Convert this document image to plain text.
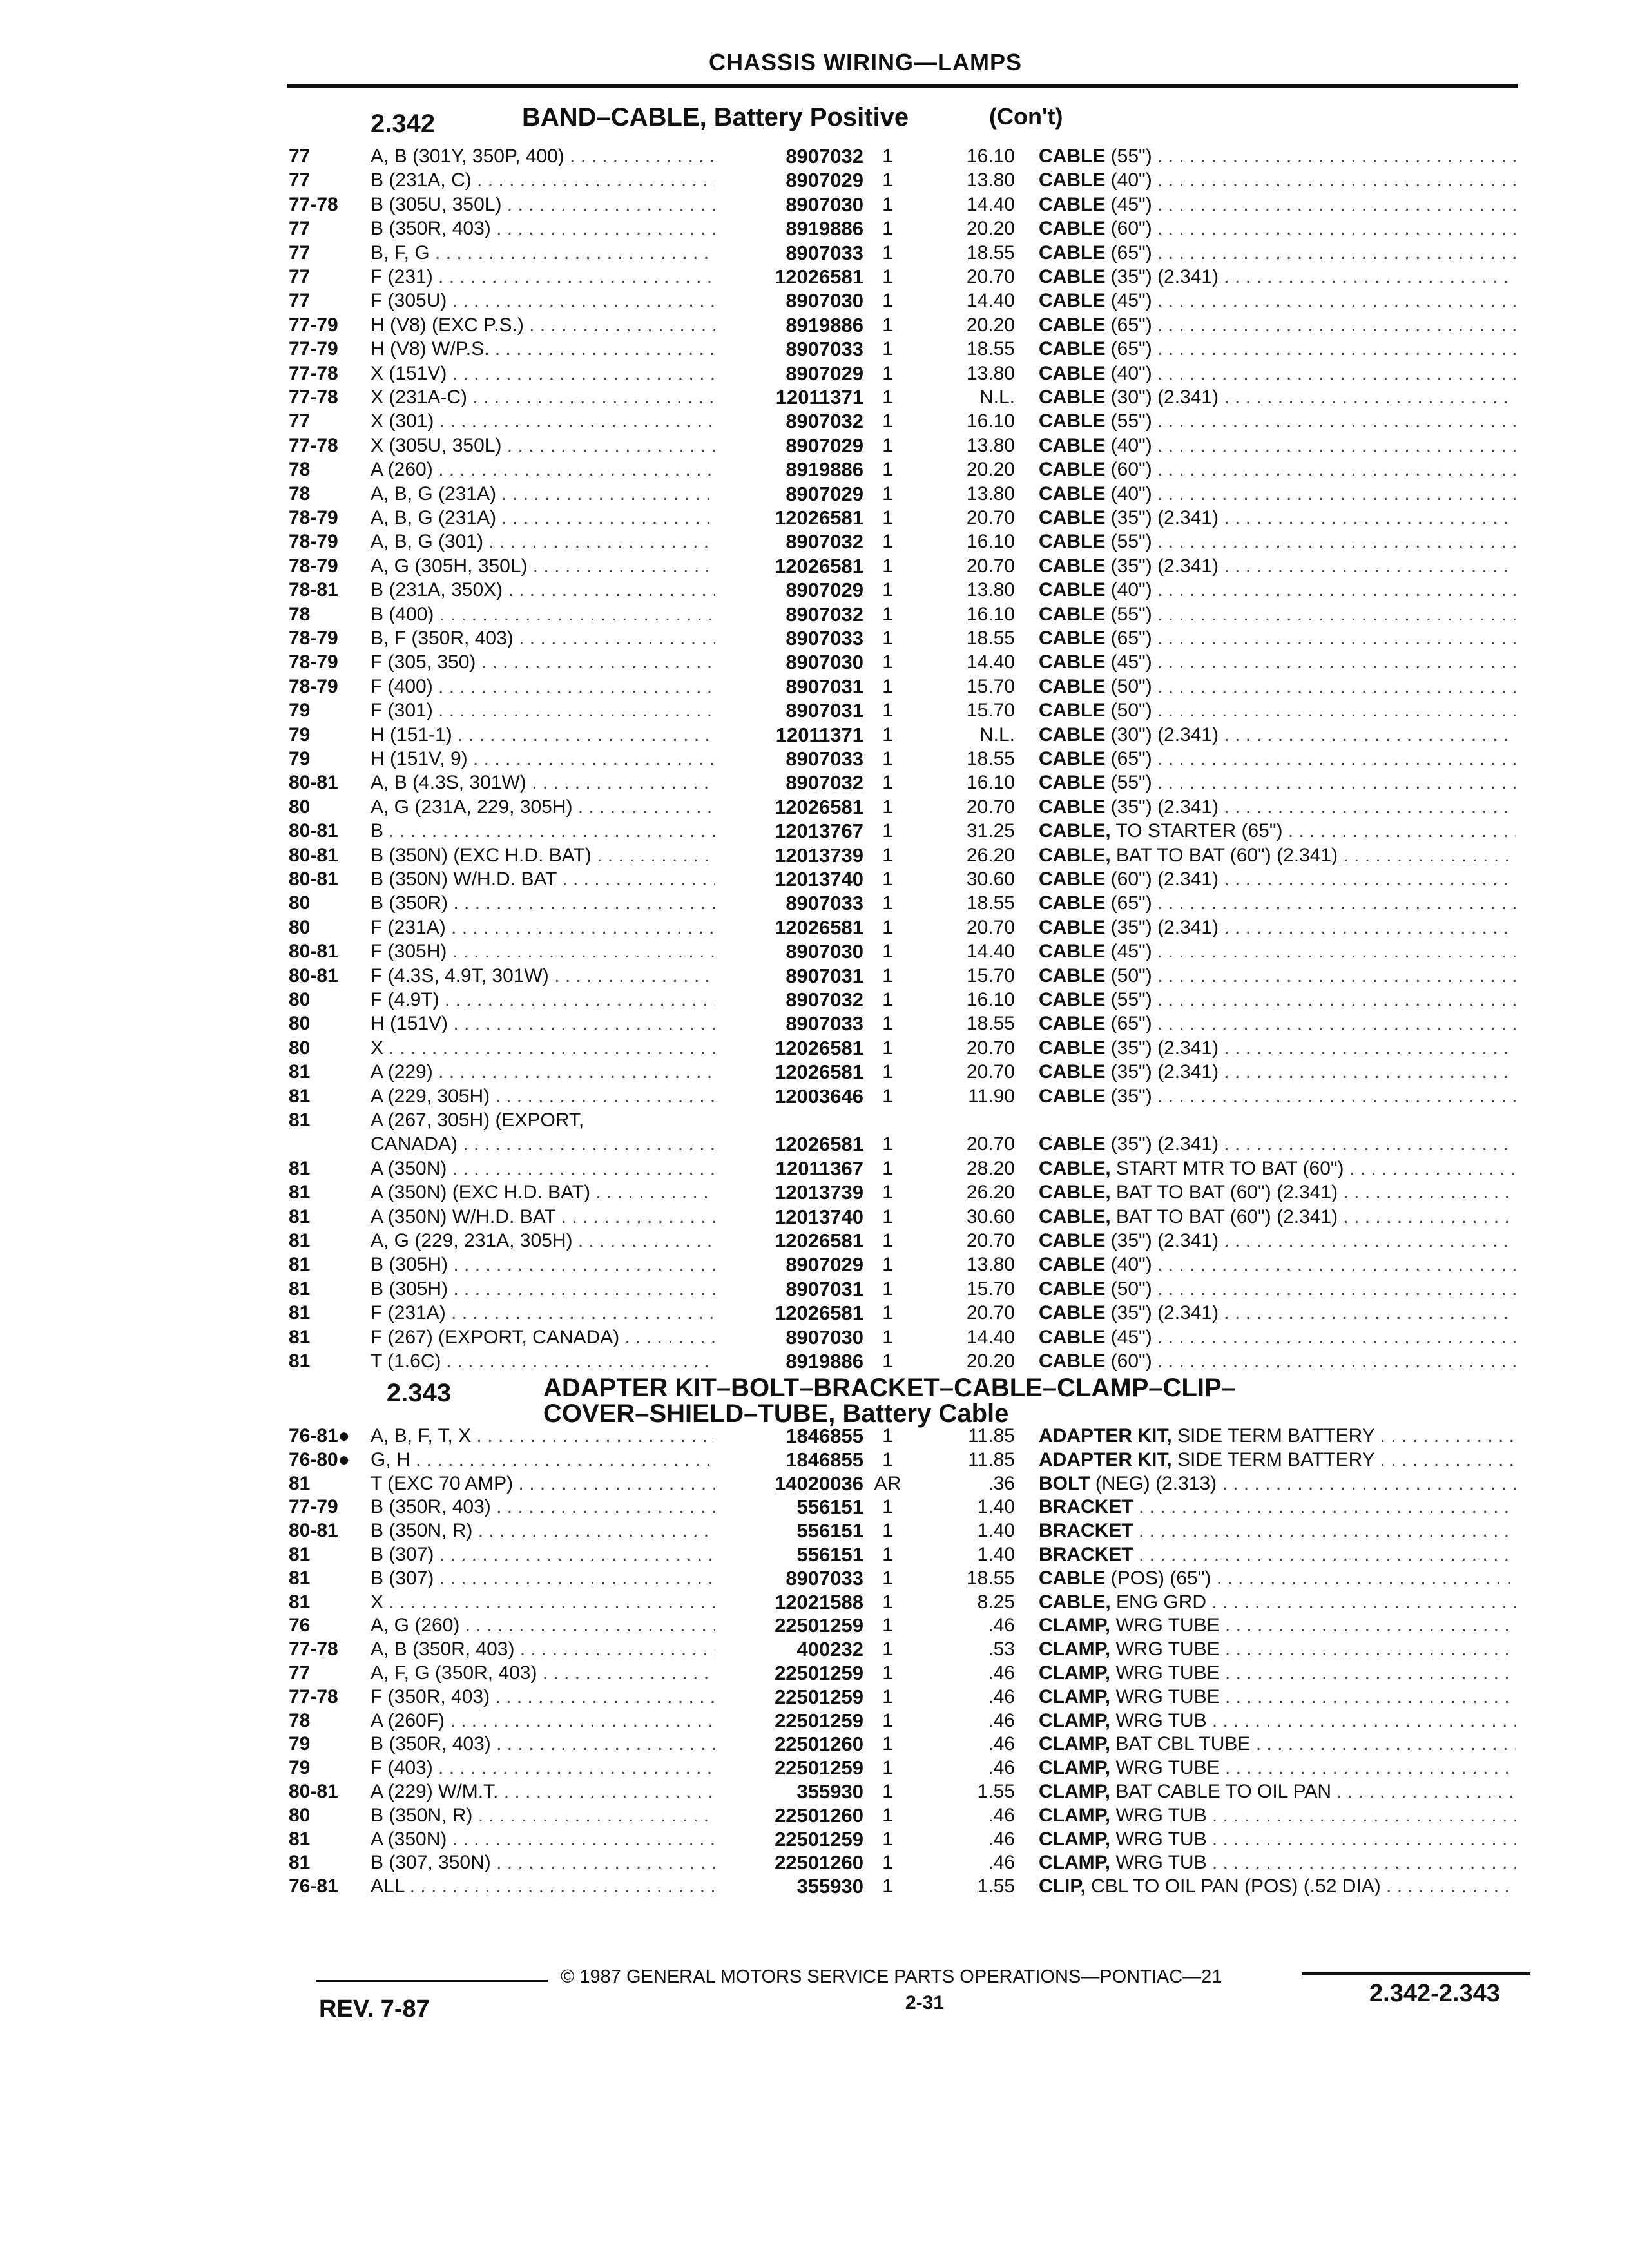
CHASSIS WIRING—LAMPS
2.342	BAND–CABLE, Battery Positive	(Con't)
77	A, B (301Y, 350P, 400) . . .	8907032 1	16.10 CABLE (55") . . .
77	B (231A, C) . . .	8907029 1	13.80 CABLE (40") . . .
77-78	B (305U, 350L) . . .	8907030 1	14.40 CABLE (45") . . .
77	B (350R, 403) . . .	8919886 1	20.20 CABLE (60") . . .
77	B, F, G . . .	8907033 1	18.55 CABLE (65") . . .
77	F (231) . . .	12026581 1	20.70 CABLE (35") (2.341) . . .
77	F (305U) . . .	8907030 1	14.40 CABLE (45") . . .
77-79	H (V8) (EXC P.S.) . . .	8919886 1	20.20 CABLE (65") . . .
77-79	H (V8) W/P.S. . . .	8907033 1	18.55 CABLE (65") . . .
77-78	X (151V) . . .	8907029 1	13.80 CABLE (40") . . .
77-78	X (231A-C) . . .	12011371 1	N.L. CABLE (30") (2.341) . . .
77	X (301) . . .	8907032 1	16.10 CABLE (55") . . .
77-78	X (305U, 350L) . . .	8907029 1	13.80 CABLE (40") . . .
78	A (260) . . .	8919886 1	20.20 CABLE (60") . . .
78	A, B, G (231A) . . .	8907029 1	13.80 CABLE (40") . . .
78-79	A, B, G (231A) . . .	12026581 1	20.70 CABLE (35") (2.341) . . .
78-79	A, B, G (301) . . .	8907032 1	16.10 CABLE (55") . . .
78-79	A, G (305H, 350L) . . .	12026581 1	20.70 CABLE (35") (2.341) . . .
78-81	B (231A, 350X) . . .	8907029 1	13.80 CABLE (40") . . .
78	B (400) . . .	8907032 1	16.10 CABLE (55") . . .
78-79	B, F (350R, 403) . . .	8907033 1	18.55 CABLE (65") . . .
78-79	F (305, 350) . . .	8907030 1	14.40 CABLE (45") . . .
78-79	F (400) . . .	8907031 1	15.70 CABLE (50") . . .
79	F (301) . . .	8907031 1	15.70 CABLE (50") . . .
79	H (151-1) . . .	12011371 1	N.L. CABLE (30") (2.341) . . .
79	H (151V, 9) . . .	8907033 1	18.55 CABLE (65") . . .
80-81	A, B (4.3S, 301W) . . .	8907032 1	16.10 CABLE (55") . . .
80	A, G (231A, 229, 305H) . . .	12026581 1	20.70 CABLE (35") (2.341) . . .
80-81	B . . .	12013767 1	31.25 CABLE, TO STARTER (65") . . .
80-81	B (350N) (EXC H.D. BAT) . . .	12013739 1	26.20 CABLE, BAT TO BAT (60") (2.341) . . .
80-81	B (350N) W/H.D. BAT . . .	12013740 1	30.60 CABLE (60") (2.341) . . .
80	B (350R) . . .	8907033 1	18.55 CABLE (65") . . .
80	F (231A) . . .	12026581 1	20.70 CABLE (35") (2.341) . . .
80-81	F (305H) . . .	8907030 1	14.40 CABLE (45") . . .
80-81	F (4.3S, 4.9T, 301W) . . .	8907031 1	15.70 CABLE (50") . . .
80	F (4.9T) . . .	8907032 1	16.10 CABLE (55") . . .
80	H (151V) . . .	8907033 1	18.55 CABLE (65") . . .
80	X . . .	12026581 1	20.70 CABLE (35") (2.341) . . .
81	A (229) . . .	12026581 1	20.70 CABLE (35") (2.341) . . .
81	A (229, 305H) . . .	12003646 1	11.90 CABLE (35") . . .
81	A (267, 305H) (EXPORT,
CANADA) . . .	12026581 1	20.70 CABLE (35") (2.341) . . .
81	A (350N) . . .	12011367 1	28.20 CABLE, START MTR TO BAT (60") . . .
81	A (350N) (EXC H.D. BAT) . . .	12013739 1	26.20 CABLE, BAT TO BAT (60") (2.341) . . .
81	A (350N) W/H.D. BAT . . .	12013740 1	30.60 CABLE, BAT TO BAT (60") (2.341) . . .
81	A, G (229, 231A, 305H) . . .	12026581 1	20.70 CABLE (35") (2.341) . . .
81	B (305H) . . .	8907029 1	13.80 CABLE (40") . . .
81	B (305H) . . .	8907031 1	15.70 CABLE (50") . . .
81	F (231A) . . .	12026581 1	20.70 CABLE (35") (2.341) . . .
81	F (267) (EXPORT, CANADA) . . .	8907030 1	14.40 CABLE (45") . . .
81	T (1.6C) . . .	8919886 1	20.20 CABLE (60") . . .
2.343	ADAPTER KIT–BOLT–BRACKET–CABLE–CLAMP–CLIP–
COVER–SHIELD–TUBE, Battery Cable
76-81●	A, B, F, T, X . . .	1846855 1	11.85 ADAPTER KIT, SIDE TERM BATTERY . . .
76-80●	G, H . . .	1846855 1	11.85 ADAPTER KIT, SIDE TERM BATTERY . . .
81	T (EXC 70 AMP) . . .	14020036 AR	.36 BOLT (NEG) (2.313) . . .
77-79	B (350R, 403) . . .	556151 1	1.40 BRACKET . . .
80-81	B (350N, R) . . .	556151 1	1.40 BRACKET . . .
81	B (307) . . .	556151 1	1.40 BRACKET . . .
81	B (307) . . .	8907033 1	18.55 CABLE (POS) (65") . . .
81	X . . .	12021588 1	8.25 CABLE, ENG GRD . . .
76	A, G (260) . . .	22501259 1	.46 CLAMP, WRG TUBE . . .
77-78	A, B (350R, 403) . . .	400232 1	.53 CLAMP, WRG TUBE . . .
77	A, F, G (350R, 403) . . .	22501259 1	.46 CLAMP, WRG TUBE . . .
77-78	F (350R, 403) . . .	22501259 1	.46 CLAMP, WRG TUBE . . .
78	A (260F) . . .	22501259 1	.46 CLAMP, WRG TUB . . .
79	B (350R, 403) . . .	22501260 1	.46 CLAMP, BAT CBL TUBE . . .
79	F (403) . . .	22501259 1	.46 CLAMP, WRG TUBE . . .
80-81	A (229) W/M.T. . . .	355930 1	1.55 CLAMP, BAT CABLE TO OIL PAN . . .
80	B (350N, R) . . .	22501260 1	.46 CLAMP, WRG TUB . . .
81	A (350N) . . .	22501259 1	.46 CLAMP, WRG TUB . . .
81	B (307, 350N) . . .	22501260 1	.46 CLAMP, WRG TUB . . .
76-81	ALL . . .	355930 1	1.55 CLIP, CBL TO OIL PAN (POS) (.52 DIA) . . .
© 1987 GENERAL MOTORS SERVICE PARTS OPERATIONS—PONTIAC—21
2-31
REV. 7-87
2.342-2.343
